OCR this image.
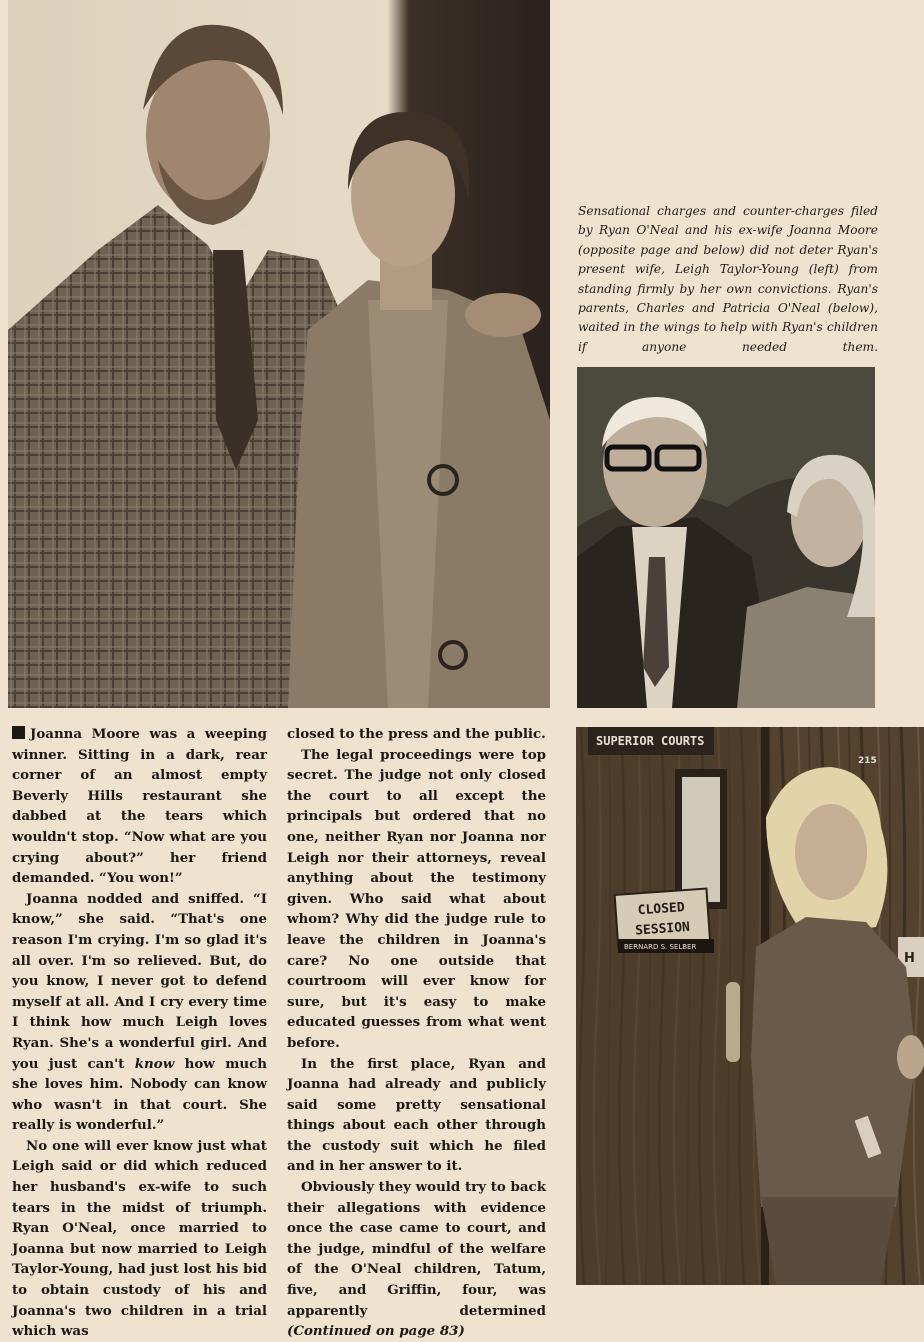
Sensational charges and counter-charges filed by Ryan O'Neal and his ex-wife Joanna Moore (opposite page and below) did not deter Ryan's present wife, Leigh Taylor-Young (left) from standing firmly by her own convictions. Ryan's parents, Charles and Patricia O'Neal (below), waited in the wings to help with Ryan's children if anyone needed them.
SUPERIOR COURTS
215
CLOSED
SESSION
BERNARD S. SELBER
H

Joanna Moore was a weeping winner. Sitting in a dark, rear corner of an almost empty Beverly Hills restaurant she dabbed at the tears which wouldn't stop. “Now what are you crying about?” her friend demanded. “You won!”

Joanna nodded and sniffed. “I know,” she said. “That's one reason I'm crying. I'm so glad it's all over. I'm so relieved. But, do you know, I never got to defend myself at all. And I cry every time I think how much Leigh loves Ryan. She's a wonderful girl. And you just can't know how much she loves him. Nobody can know who wasn't in that court. She really is wonderful.”

No one will ever know just what Leigh said or did which reduced her husband's ex-wife to such tears in the midst of triumph. Ryan O'Neal, once married to Joanna but now married to Leigh Taylor-Young, had just lost his bid to obtain custody of his and Joanna's two children in a trial which was

closed to the press and the public.

The legal proceedings were top secret. The judge not only closed the court to all except the principals but ordered that no one, neither Ryan nor Joanna nor Leigh nor their attorneys, reveal anything about the testimony given. Who said what about whom? Why did the judge rule to leave the children in Joanna's care? No one outside that courtroom will ever know for sure, but it's easy to make educated guesses from what went before.

In the first place, Ryan and Joanna had already and publicly said some pretty sensational things about each other through the custody suit which he filed and in her answer to it.

Obviously they would try to back their allegations with evidence once the case came to court, and the judge, mindful of the welfare of the O'Neal children, Tatum, five, and Griffin, four, was apparently determined (Continued on page 83)
